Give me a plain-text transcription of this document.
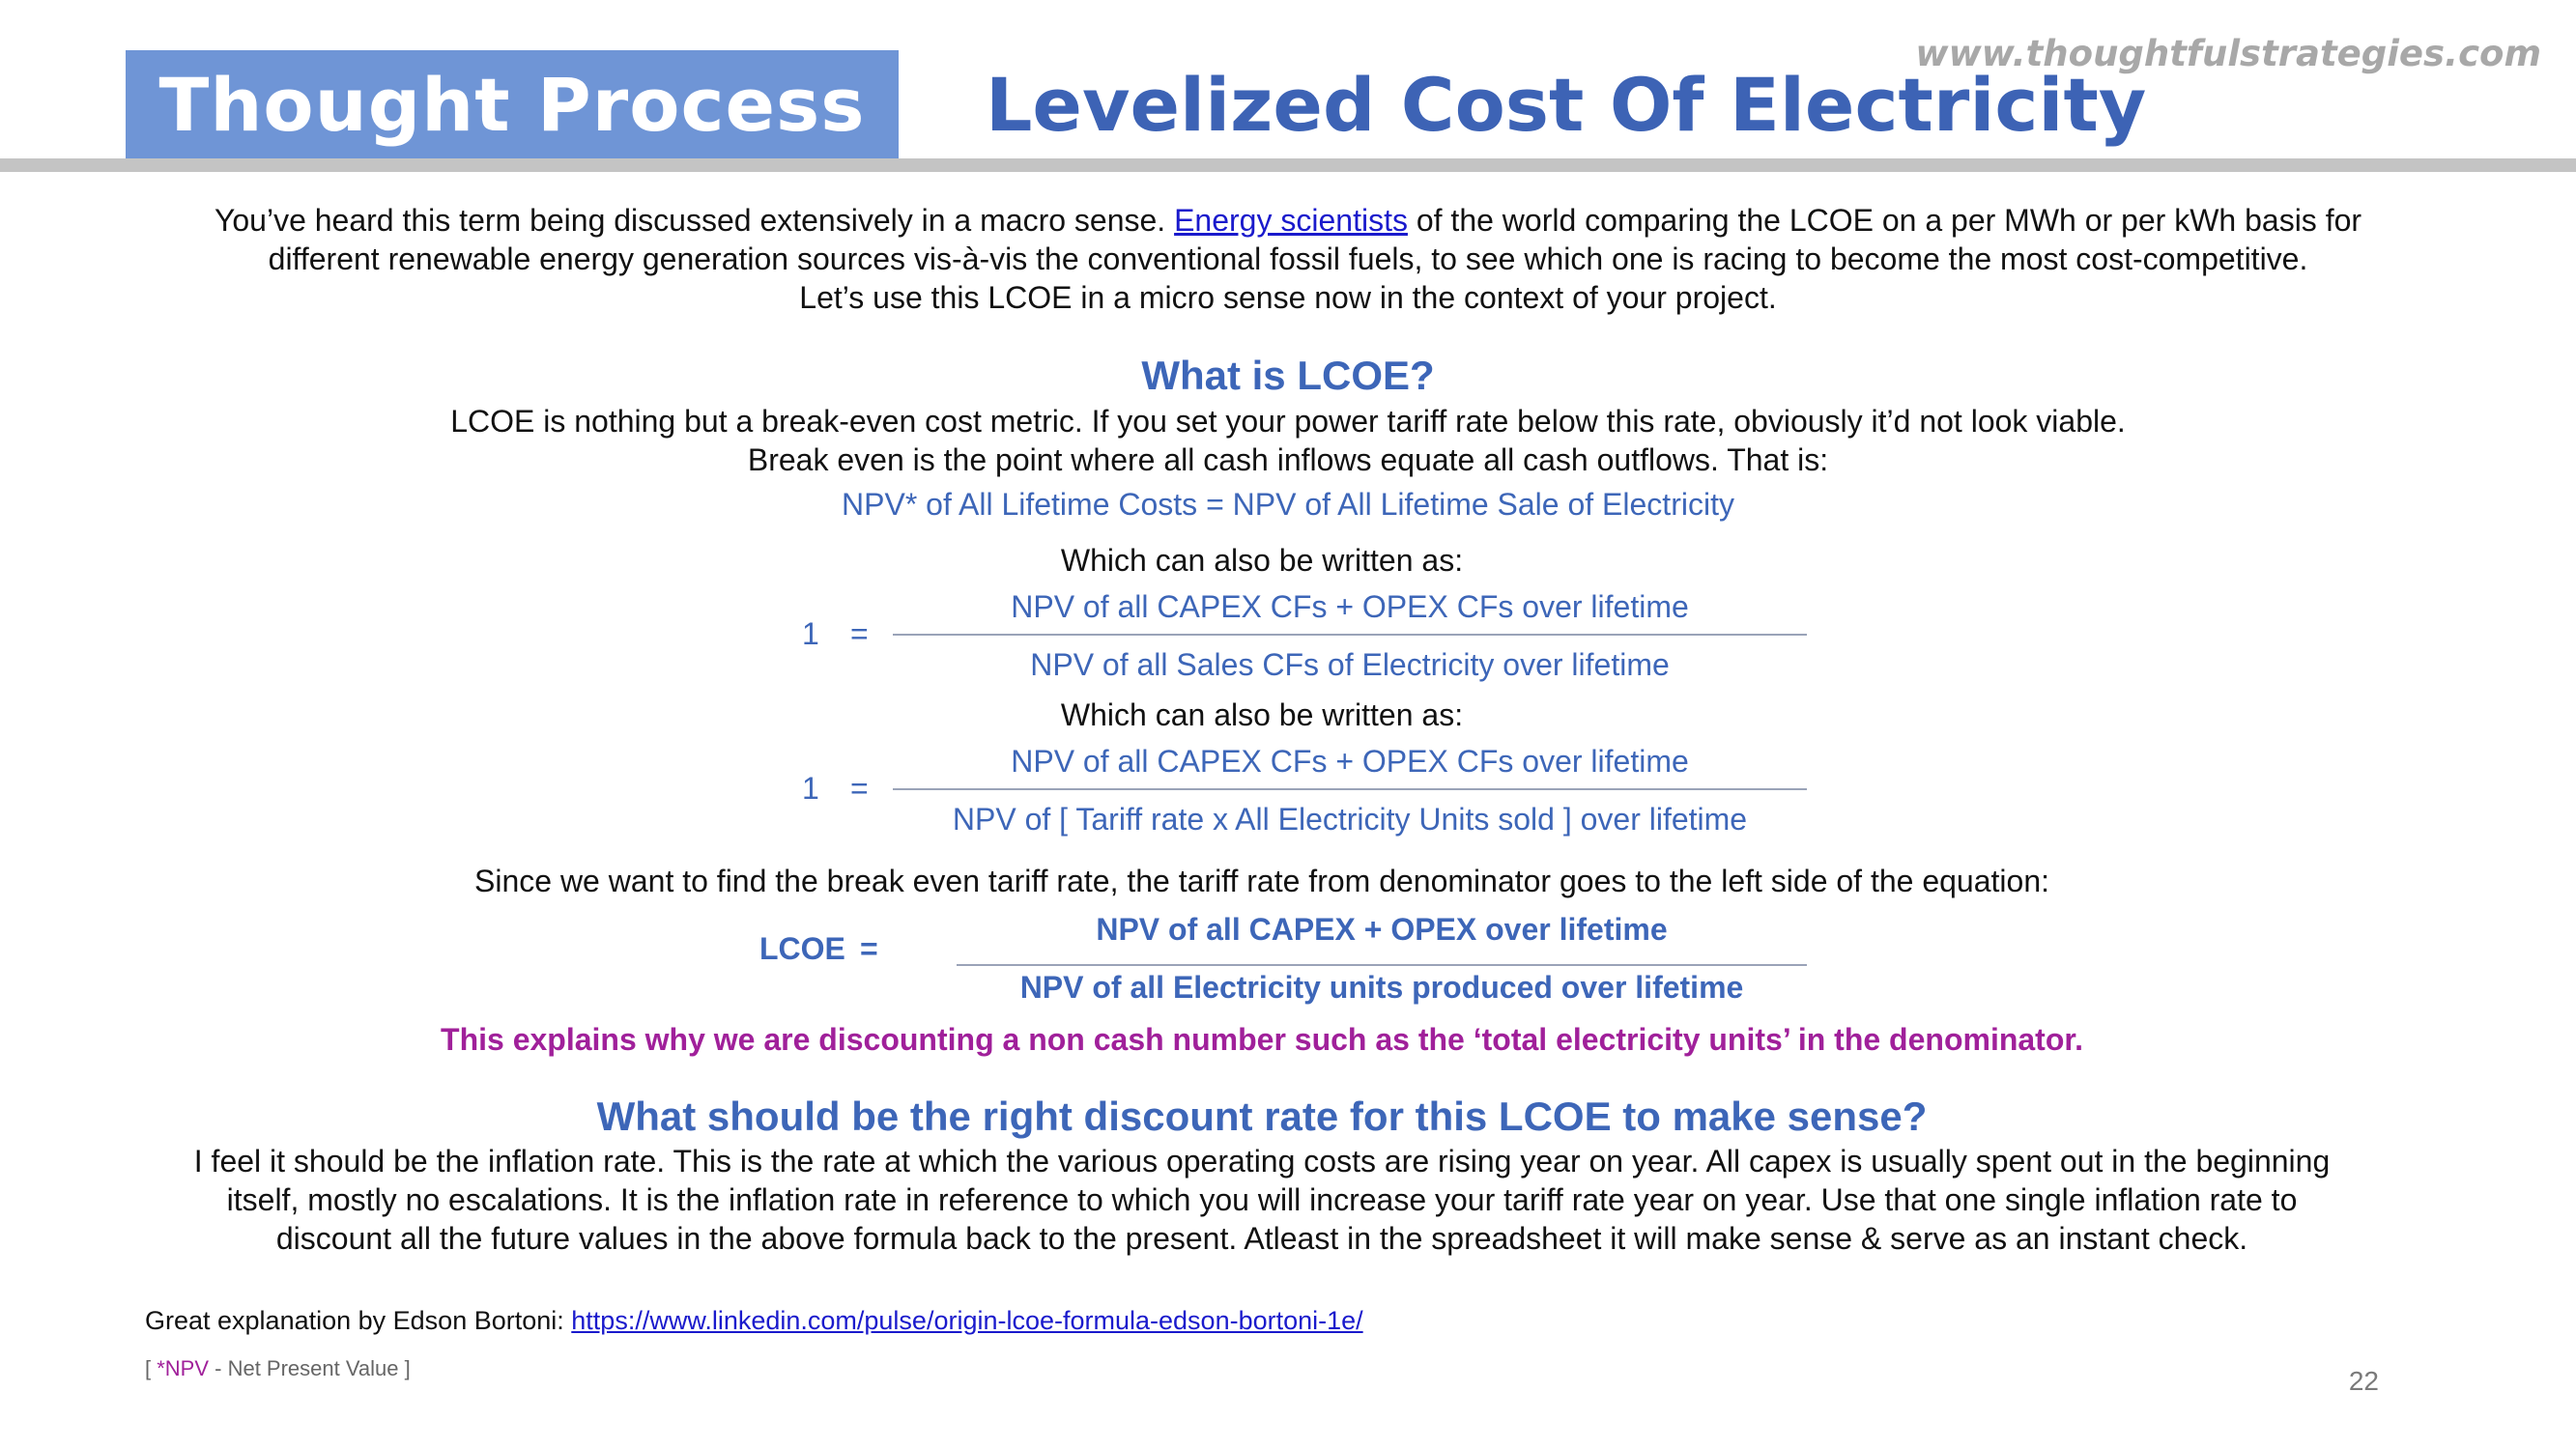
Thought Process Levelized Cost Of Electricity
www.thoughtfulstrategies.com
You’ve heard this term being discussed extensively in a macro sense. Energy scientists of the world comparing the LCOE on a per MWh or per kWh basis for
different renewable energy generation sources vis-à-vis the conventional fossil fuels, to see which one is racing to become the most cost-competitive.
Let’s use this LCOE in a micro sense now in the context of your project.
What is LCOE?
LCOE is nothing but a break-even cost metric. If you set your power tariff rate below this rate, obviously it’d not look viable.
Break even is the point where all cash inflows equate all cash outflows. That is:
NPV* of All Lifetime Costs = NPV of All Lifetime Sale of Electricity
Which can also be written as:
NPV of all CAPEX CFs + OPEX CFs over lifetime
NPV of all Sales CFs of Electricity over lifetime
1 =
Which can also be written as:
NPV of all CAPEX CFs + OPEX CFs over lifetime
NPV of [ Tariff rate x All Electricity Units sold ] over lifetime
1 =
Since we want to find the break even tariff rate, the tariff rate from denominator goes to the left side of the equation:
NPV of all CAPEX + OPEX over lifetime
NPV of all Electricity units produced over lifetime
LCOE =
This explains why we are discounting a non cash number such as the ‘total electricity units’ in the denominator.
What should be the right discount rate for this LCOE to make sense?
I feel it should be the inflation rate. This is the rate at which the various operating costs are rising year on year. All capex is usually spent out in the beginning
itself, mostly no escalations. It is the inflation rate in reference to which you will increase your tariff rate year on year. Use that one single inflation rate to
discount all the future values in the above formula back to the present. Atleast in the spreadsheet it will make sense & serve as an instant check.
Great explanation by Edson Bortoni: https://www.linkedin.com/pulse/origin-lcoe-formula-edson-bortoni-1e/
[ *NPV - Net Present Value ]	22
